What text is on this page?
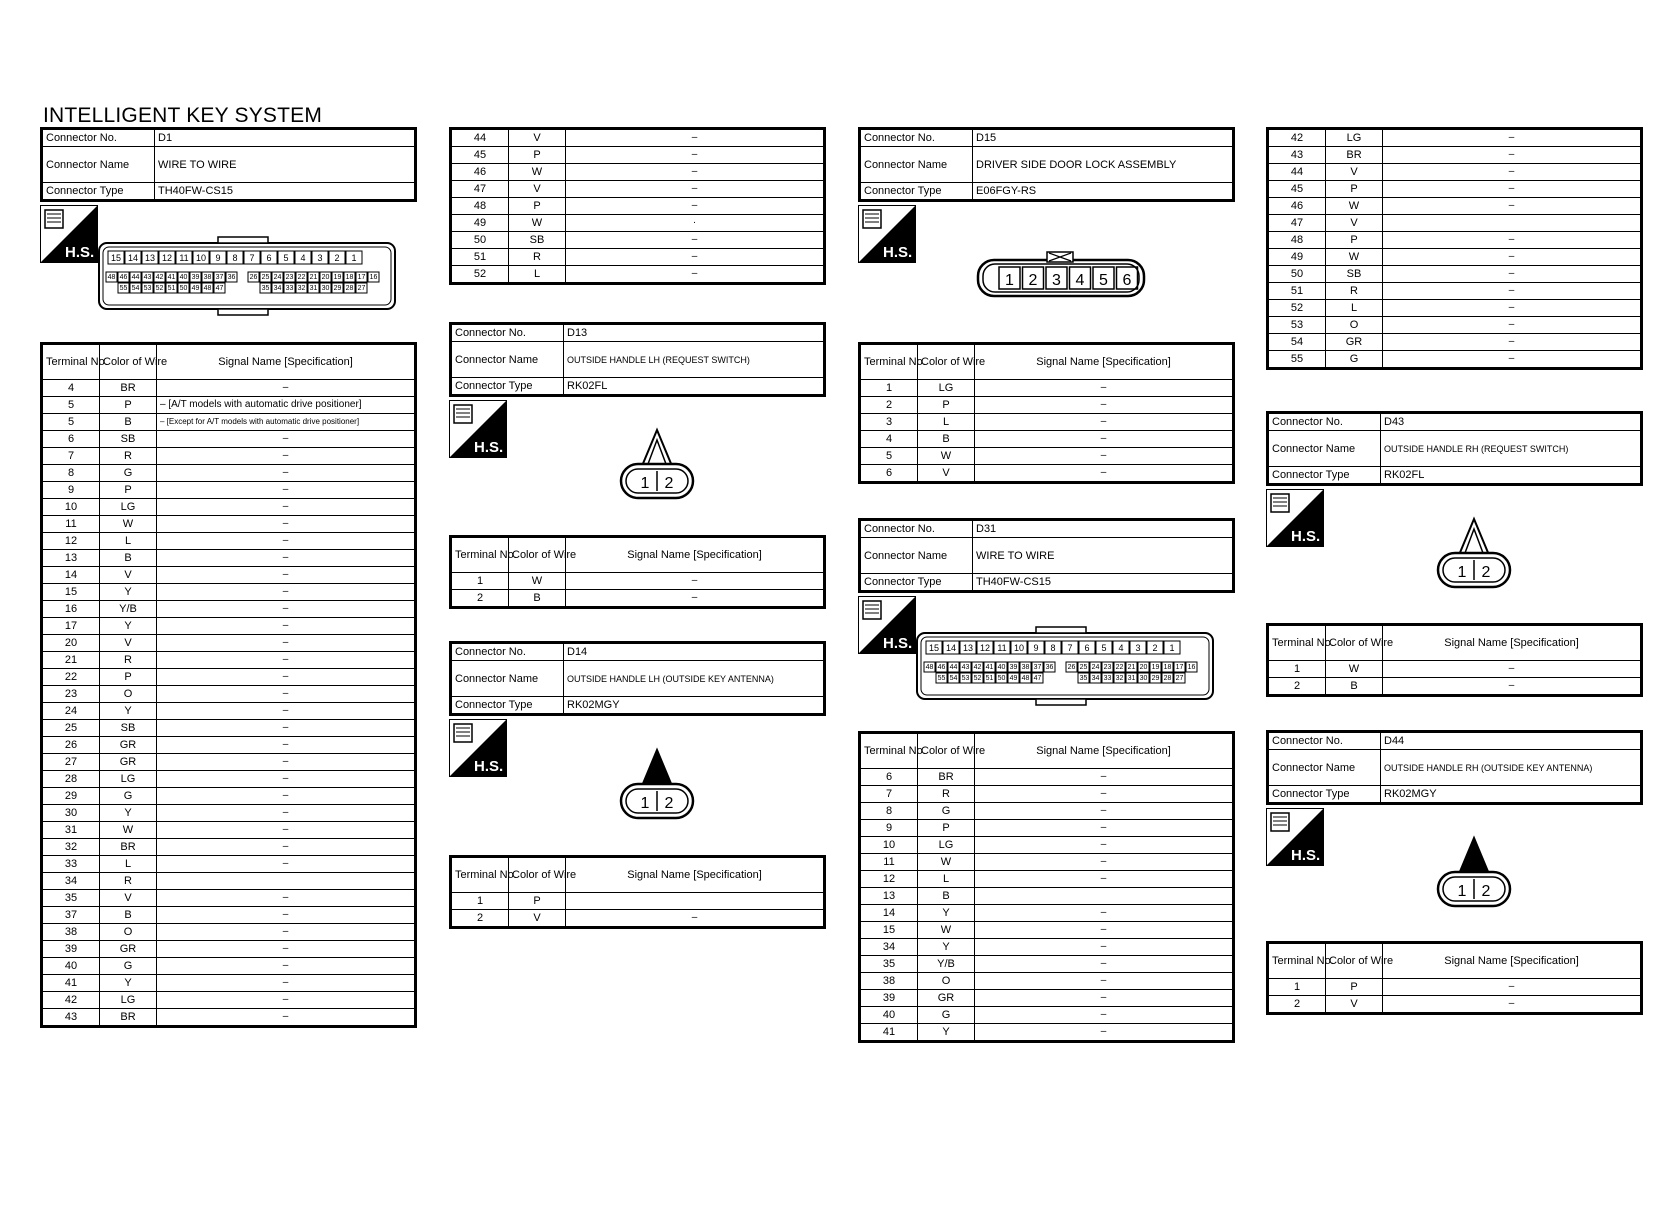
INTELLIGENT KEY SYSTEM
Connector No.	D1
Connector Name	WIRE TO WIRE
Connector Type	TH40FW-CS15
H.S. 15 14 13 12 11 10 9 8 7 6 5 4 3 2 1
48 46 44 43 42 41 40 39 38 37 36 26 25 24 23 22 21 20 19 18 17 16
55 54 53 52 51 50 49 48 47	35 34 33 32 31 30 29 28 27
Terminal No.	Color of Wire	Signal Name [Specification]
4	BR	–
5	P	– [A/T models with automatic drive positioner]
5	B	– [Except for A/T models with automatic drive positioner]
6	SB	–
7	R	–
8	G	–
9	P	–
10	LG	–
11	W	–
12	L	–
13	B	–
14	V	–
15	Y	–
16	Y/B	–
17	Y	–
20	V	–
21	R	–
22	P	–
23	O	–
24	Y	–
25	SB	–
26	GR	–
27	GR	–
28	LG	–
29	G	–
30	Y	–
31	W	–
32	BR	–
33	L	–
34	R	
35	V	–
37	B	–
38	O	–
39	GR	–
40	G	–
41	Y	–
42	LG	–
43	BR	–
44	V	–
45	P	–
46	W	–
47	V	–
48	P	–
49	W	·
50	SB	–
51	R	–
52	L	–
Connector No.	D13
Connector Name	OUTSIDE HANDLE LH (REQUEST SWITCH)
Connector Type	RK02FL
H.S.
1 2
Terminal No.	Color of Wire	Signal Name [Specification]
1	W	–
2	B	–
Connector No.	D14
Connector Name	OUTSIDE HANDLE LH (OUTSIDE KEY ANTENNA)
Connector Type	RK02MGY
H.S.
1 2
Terminal No.	Color of Wire	Signal Name [Specification]
1	P	
2	V	–
Connector No.	D15
Connector Name	DRIVER SIDE DOOR LOCK ASSEMBLY
Connector Type	E06FGY-RS
H.S.
1 2 3 4 5 6
Terminal No.	Color of Wire	Signal Name [Specification]
1	LG	–
2	P	–
3	L	–
4	B	–
5	W	–
6	V	–
Connector No.	D31
Connector Name	WIRE TO WIRE
Connector Type	TH40FW-CS15
H.S. 15 14 13 12 11 10 9 8 7 6 5 4 3 2 1
48 46 44 43 42 41 40 39 38 37 36 26 25 24 23 22 21 20 19 18 17 16
55 54 53 52 51 50 49 48 47	35 34 33 32 31 30 29 28 27
Terminal No.	Color of Wire	Signal Name [Specification]
6	BR	–
7	R	–
8	G	–
9	P	–
10	LG	–
11	W	–
12	L	–
13	B	
14	Y	–
15	W	–
34	Y	–
35	Y/B	–
38	O	–
39	GR	–
40	G	–
41	Y	–
42	LG	–
43	BR	–
44	V	–
45	P	–
46	W	–
47	V	
48	P	–
49	W	–
50	SB	–
51	R	–
52	L	–
53	O	–
54	GR	–
55	G	–
Connector No.	D43
Connector Name	OUTSIDE HANDLE RH (REQUEST SWITCH)
Connector Type	RK02FL
H.S.
1 2
Terminal No.	Color of Wire	Signal Name [Specification]
1	W	–
2	B	–
Connector No.	D44
Connector Name	OUTSIDE HANDLE RH (OUTSIDE KEY ANTENNA)
Connector Type	RK02MGY
H.S.
1 2
Terminal No.	Color of Wire	Signal Name [Specification]
1	P	–
2	V	–
